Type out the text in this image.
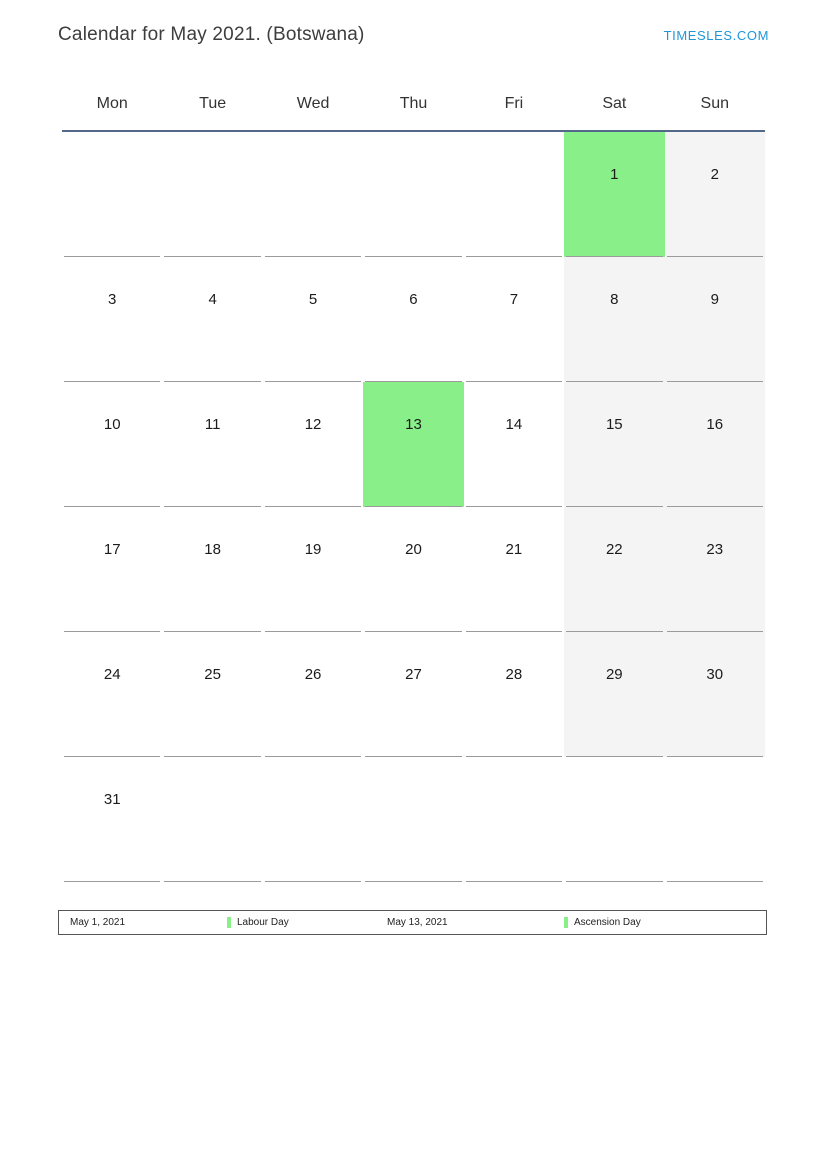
Calendar for May 2021. (Botswana)	TIMESLES.COM
Mon	Tue	Wed	Thu	Fri	Sat	Sun

					1	2

3	4	5	6	7	8	9

10	11	12	13	14	15	16

17	18	19	20	21	22	23

24	25	26	27	28	29	30

31						

May 1, 2021	Labour Day	May 13, 2021	Ascension Day
